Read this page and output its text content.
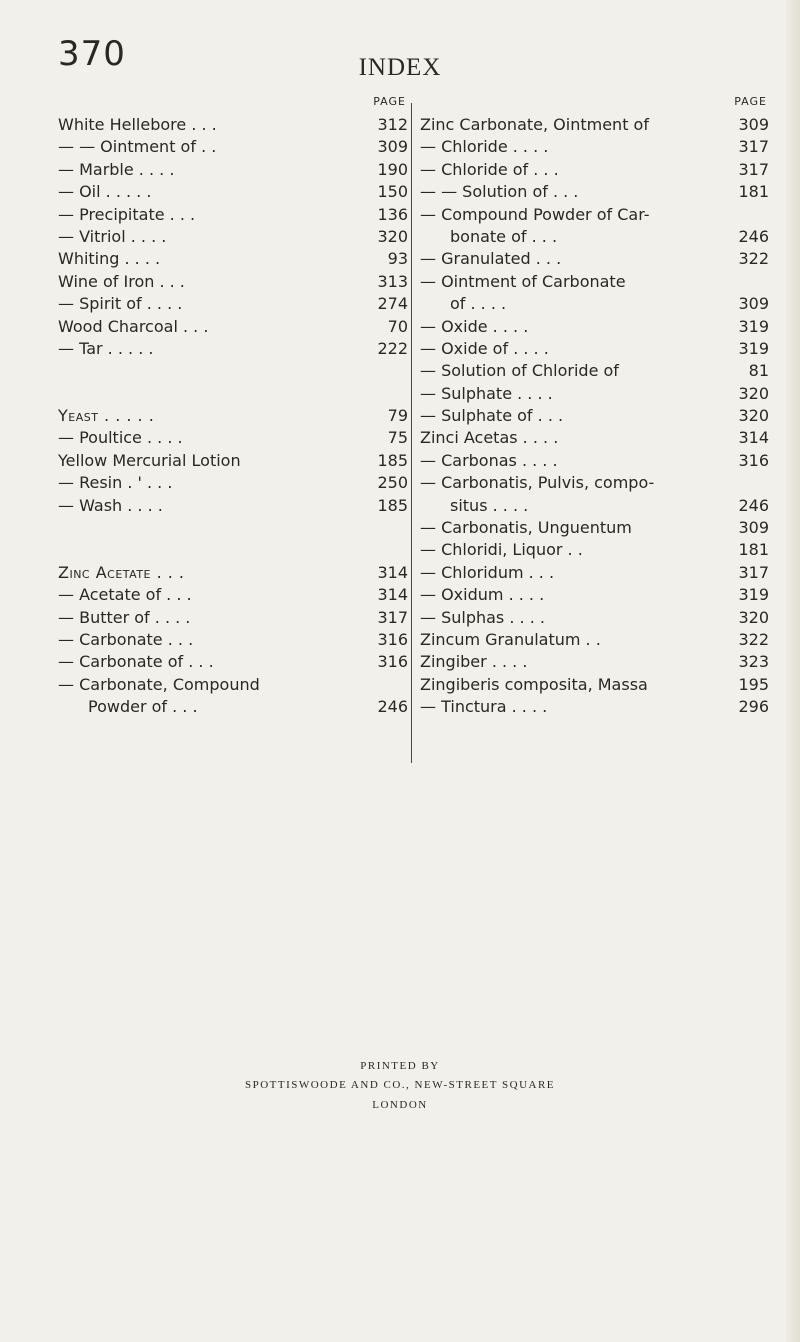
370	INDEX
PAGE
White Hellebore . . .	312
— — Ointment of . .	309
— Marble . . . .	190
— Oil . . . . .	150
— Precipitate . . .	136
— Vitriol . . . .	320
Whiting . . . .	93
Wine of Iron . . .	313
— Spirit of . . . .	274
Wood Charcoal . . .	70
— Tar . . . . .	222
Yeast . . . . .	79
— Poultice . . . .	75
Yellow Mercurial Lotion	185
— Resin . ' . . .	250
— Wash . . . .	185
Zinc Acetate . . .	314
— Acetate of . . .	314
— Butter of . . . .	317
— Carbonate . . .	316
— Carbonate of . . .	316
— Carbonate, Compound
Powder of . . .	246
PAGE
Zinc Carbonate, Ointment of	309
— Chloride . . . .	317
— Chloride of . . .	317
— — Solution of . . .	181
— Compound Powder of Car-
bonate of . . .	246
— Granulated . . .	322
— Ointment of Carbonate
of . . . .	309
— Oxide . . . .	319
— Oxide of . . . .	319
— Solution of Chloride of	81
— Sulphate . . . .	320
— Sulphate of . . .	320
Zinci Acetas . . . .	314
— Carbonas . . . .	316
— Carbonatis, Pulvis, compo-
situs . . . .	246
— Carbonatis, Unguentum	309
— Chloridi, Liquor . .	181
— Chloridum . . .	317
— Oxidum . . . .	319
— Sulphas . . . .	320
Zincum Granulatum . .	322
Zingiber . . . .	323
Zingiberis composita, Massa	195
— Tinctura . . . .	296
PRINTED BY
SPOTTISWOODE AND CO., NEW-STREET SQUARE
LONDON
